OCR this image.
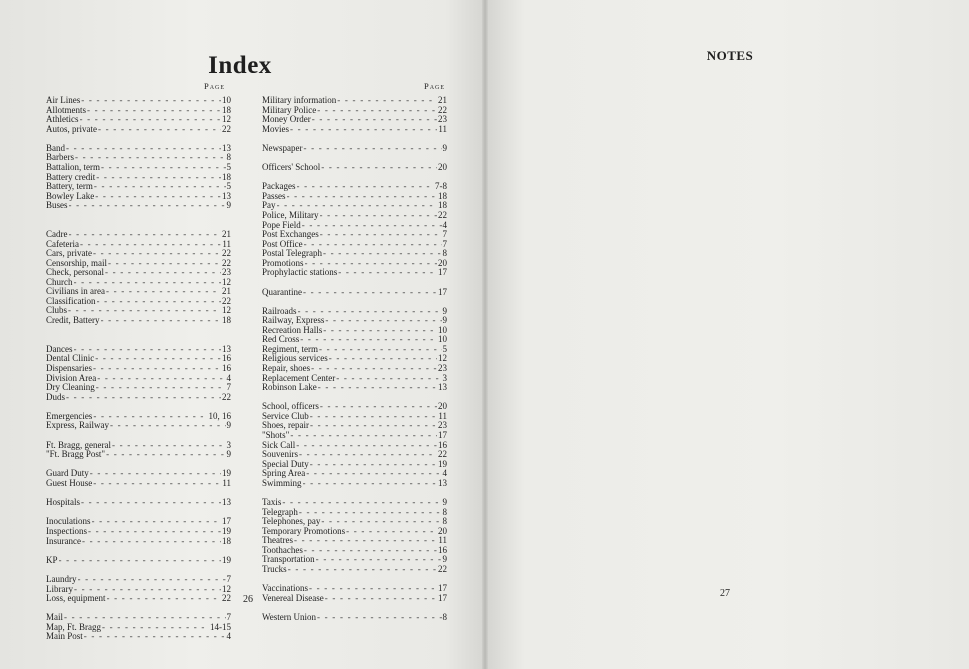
Index
Page	Page
Air Lines - - -	10
Allotments - - -	18
Athletics - - -	12
Autos, private - - -	22
Band - - -	13
Barbers - - -	8
Battalion, term - - -	5
Battery credit - - -	18
Battery, term - - -	5
Bowley Lake - - -	13
Buses - - -	9
Cadre - - -	21
Cafeteria - - -	11
Cars, private - - -	22
Censorship, mail - - -	22
Check, personal - - -	23
Church - - -	12
Civilians in area - - -	21
Classification - - -	22
Clubs - - -	12
Credit, Battery - - -	18
Dances - - -	13
Dental Clinic - - -	16
Dispensaries - - -	16
Division Area - - -	4
Dry Cleaning - - -	7
Duds - - -	22
Emergencies - - -	10, 16
Express, Railway - - -	9
Ft. Bragg, general - - -	3
"Ft. Bragg Post" - - -	9
Guard Duty - - -	19
Guest House - - -	11
Hospitals - - -	13
Inoculations - - -	17
Inspections - - -	19
Insurance - - -	18
KP - - -	19
Laundry - - -	7
Library - - -	12
Loss, equipment - - -	22
Mail - - -	7
Map, Ft. Bragg - - -	14-15
Main Post - - -	4
Military information - - -	21
Military Police - - -	22
Money Order - - -	23
Movies - - -	11
Newspaper - - -	9
Officers' School - - -	20
Packages - - -	7-8
Passes - - -	18
Pay - - -	18
Police, Military - - -	22
Pope Field - - -	4
Post Exchanges - - -	7
Post Office - - -	7
Postal Telegraph - - -	8
Promotions - - -	20
Prophylactic stations - - -	17
Quarantine - - -	17
Railroads - - -	9
Railway, Express - - -	9
Recreation Halls - - -	10
Red Cross - - -	10
Regiment, term - - -	5
Religious services - - -	12
Repair, shoes - - -	23
Replacement Center - - -	3
Robinson Lake - - -	13
School, officers - - -	20
Service Club - - -	11
Shoes, repair - - -	23
"Shots" - - -	17
Sick Call - - -	16
Souvenirs - - -	22
Special Duty - - -	19
Spring Area - - -	4
Swimming - - -	13
Taxis - - -	9
Telegraph - - -	8
Telephones, pay - - -	8
Temporary Promotions - - -	20
Theatres - - -	11
Toothaches - - -	16
Transportation - - -	9
Trucks - - -	22
Vaccinations - - -	17
Venereal Disease - - -	17
Western Union - - -	8
26
NOTES
27
